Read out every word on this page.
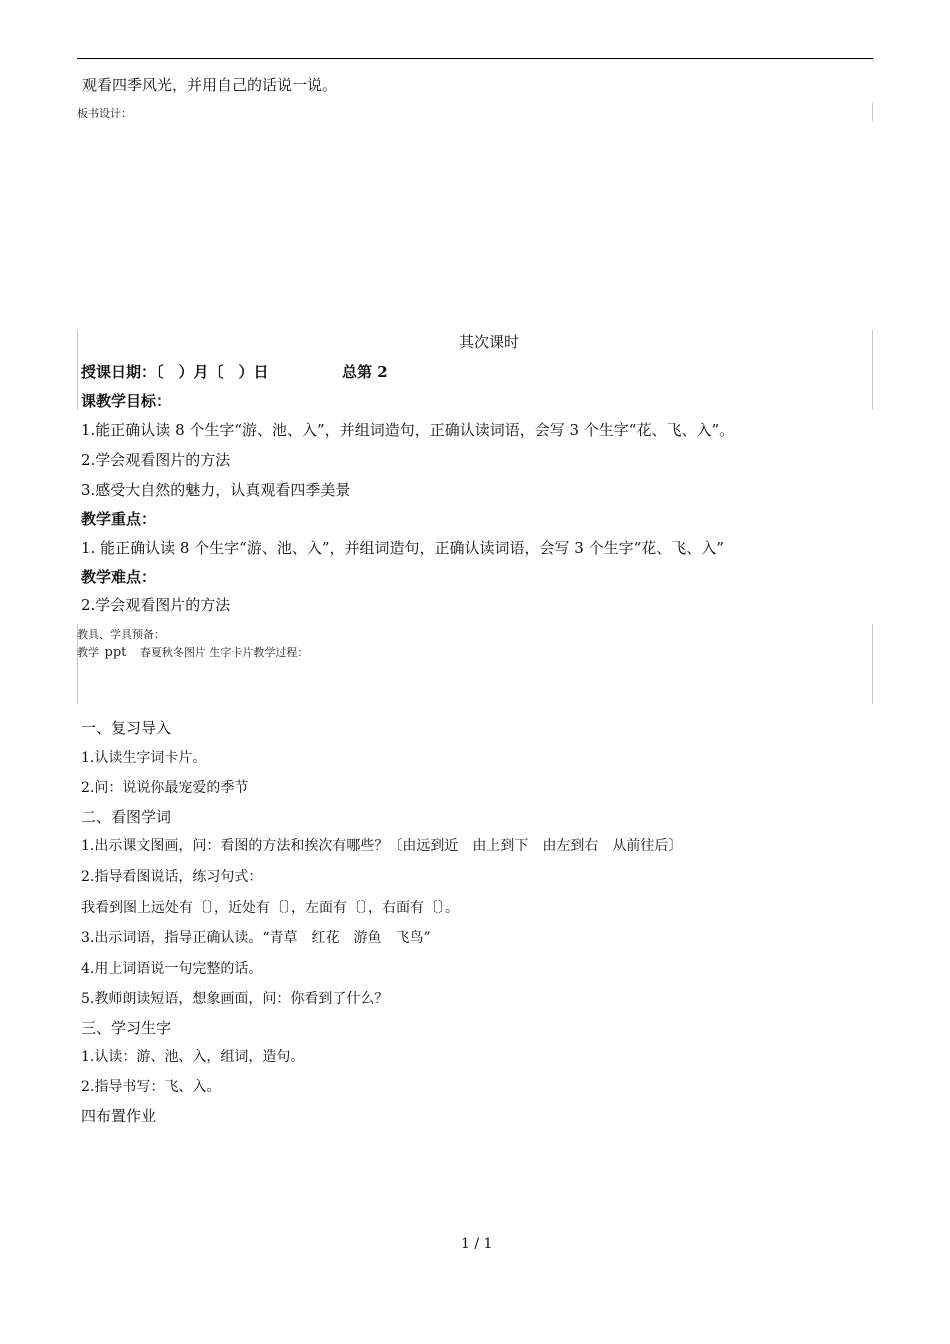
观看四季风光，并用自己的话说一说。
板书设计：
其次课时
授课日期：〔　）月〔　）日	总第 2
课教学目标：
1.能正确认读 8 个生字“游、池、入”，并组词造句，正确认读词语，会写 3 个生字“花、飞、入”。
2.学会观看图片的方法
3.感受大自然的魅力，认真观看四季美景
教学重点：
1. 能正确认读 8 个生字“游、池、入”，并组词造句，正确认读词语，会写 3 个生字“花、飞、入”
教学难点：
2.学会观看图片的方法
教具、学具预备：
教学 ppt 春夏秋冬图片 生字卡片教学过程：
一、复习导入
1.认读生字词卡片。
2.问：说说你最宠爱的季节
二、看图学词
1.出示课文图画，问：看图的方法和挨次有哪些？〔由远到近　由上到下　由左到右　从前往后〕
2.指导看图说话，练习句式：
我看到图上远处有〔〕，近处有〔〕，左面有〔〕，右面有〔〕。
3.出示词语，指导正确认读。“青草　红花　游鱼　飞鸟”
4.用上词语说一句完整的话。
5.教师朗读短语，想象画面，问：你看到了什么？
三、学习生字
1.认读：游、池、入，组词，造句。
2.指导书写：飞、入。
四布置作业
1 / 1
